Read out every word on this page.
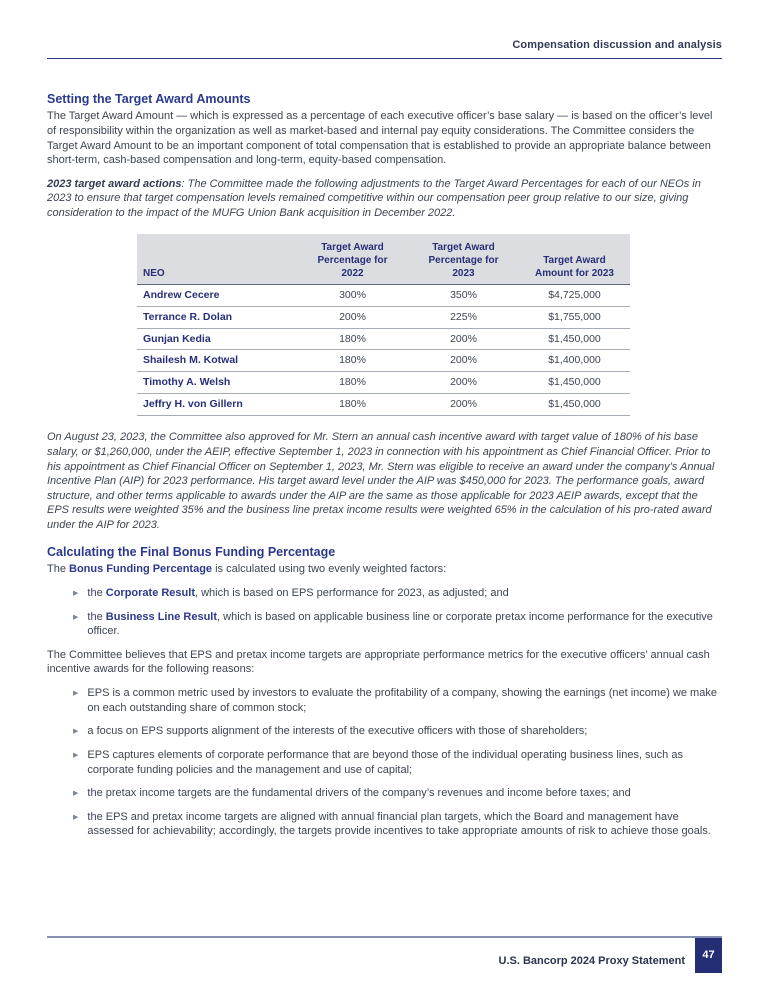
Compensation discussion and analysis
Setting the Target Award Amounts

The Target Award Amount — which is expressed as a percentage of each executive officer’s base salary — is based on the officer’s level of responsibility within the organization as well as market-based and internal pay equity considerations. The Committee considers the Target Award Amount to be an important component of total compensation that is established to provide an appropriate balance between short-term, cash-based compensation and long-term, equity-based compensation.

2023 target award actions: The Committee made the following adjustments to the Target Award Percentages for each of our NEOs in 2023 to ensure that target compensation levels remained competitive within our compensation peer group relative to our size, giving consideration to the impact of the MUFG Union Bank acquisition in December 2022.

NEO	Target Award Percentage for 2022	Target Award Percentage for 2023	Target Award Amount for 2023
Andrew Cecere	300%	350%	$4,725,000
Terrance R. Dolan	200%	225%	$1,755,000
Gunjan Kedia	180%	200%	$1,450,000
Shailesh M. Kotwal	180%	200%	$1,400,000
Timothy A. Welsh	180%	200%	$1,450,000
Jeffry H. von Gillern	180%	200%	$1,450,000

On August 23, 2023, the Committee also approved for Mr. Stern an annual cash incentive award with target value of 180% of his base salary, or $1,260,000, under the AEIP, effective September 1, 2023 in connection with his appointment as Chief Financial Officer. Prior to his appointment as Chief Financial Officer on September 1, 2023, Mr. Stern was eligible to receive an award under the company’s Annual Incentive Plan (AIP) for 2023 performance. His target award level under the AIP was $450,000 for 2023. The performance goals, award structure, and other terms applicable to awards under the AIP are the same as those applicable for 2023 AEIP awards, except that the EPS results were weighted 35% and the business line pretax income results were weighted 65% in the calculation of his pro-rated award under the AIP for 2023.

Calculating the Final Bonus Funding Percentage

The Bonus Funding Percentage is calculated using two evenly weighted factors:

▶ the Corporate Result, which is based on EPS performance for 2023, as adjusted; and
▶ the Business Line Result, which is based on applicable business line or corporate pretax income performance for the executive officer.

The Committee believes that EPS and pretax income targets are appropriate performance metrics for the executive officers’ annual cash incentive awards for the following reasons:

▶ EPS is a common metric used by investors to evaluate the profitability of a company, showing the earnings (net income) we make on each outstanding share of common stock;
▶ a focus on EPS supports alignment of the interests of the executive officers with those of shareholders;
▶ EPS captures elements of corporate performance that are beyond those of the individual operating business lines, such as corporate funding policies and the management and use of capital;
▶ the pretax income targets are the fundamental drivers of the company’s revenues and income before taxes; and
▶ the EPS and pretax income targets are aligned with annual financial plan targets, which the Board and management have assessed for achievability; accordingly, the targets provide incentives to take appropriate amounts of risk to achieve those goals.
U.S. Bancorp 2024 Proxy Statement	47
